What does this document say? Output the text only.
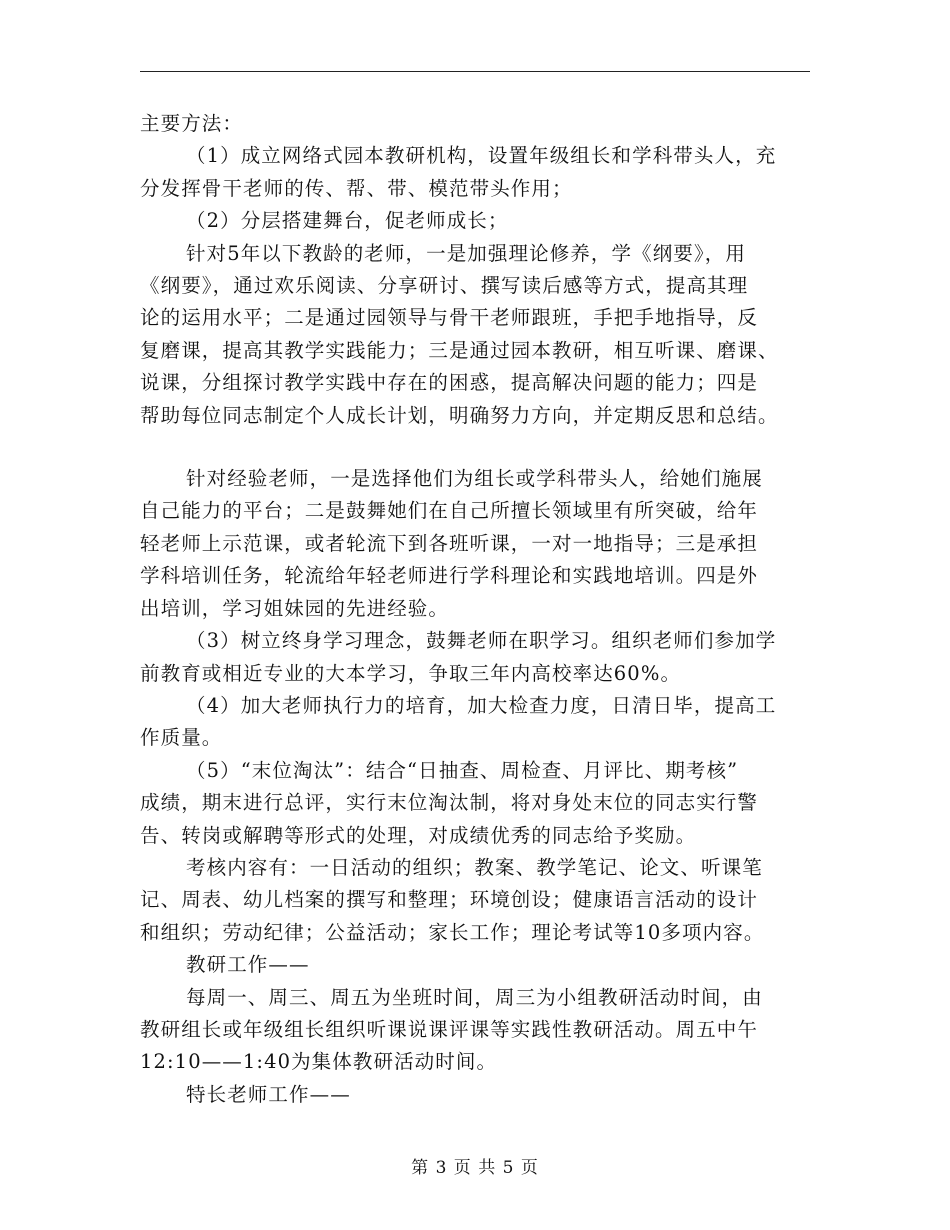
主要方法：

（1）成立网络式园本教研机构，设置年级组长和学科带头人，充

分发挥骨干老师的传、帮、带、模范带头作用；

（2）分层搭建舞台，促老师成长；

针对5年以下教龄的老师，一是加强理论修养，学《纲要》，用

《纲要》，通过欢乐阅读、分享研讨、撰写读后感等方式，提高其理

论的运用水平；二是通过园领导与骨干老师跟班，手把手地指导，反

复磨课，提高其教学实践能力；三是通过园本教研，相互听课、磨课、

说课，分组探讨教学实践中存在的困惑，提高解决问题的能力；四是

帮助每位同志制定个人成长计划，明确努力方向，并定期反思和总结。

针对经验老师，一是选择他们为组长或学科带头人，给她们施展

自己能力的平台；二是鼓舞她们在自己所擅长领域里有所突破，给年

轻老师上示范课，或者轮流下到各班听课，一对一地指导；三是承担

学科培训任务，轮流给年轻老师进行学科理论和实践地培训。四是外

出培训，学习姐妹园的先进经验。

（3）树立终身学习理念，鼓舞老师在职学习。组织老师们参加学

前教育或相近专业的大本学习，争取三年内高校率达60%。

（4）加大老师执行力的培育，加大检查力度，日清日毕，提高工

作质量。

（5）“末位淘汰”：结合“日抽查、周检查、月评比、期考核”

成绩，期末进行总评，实行末位淘汰制，将对身处末位的同志实行警

告、转岗或解聘等形式的处理，对成绩优秀的同志给予奖励。

考核内容有：一日活动的组织；教案、教学笔记、论文、听课笔

记、周表、幼儿档案的撰写和整理；环境创设；健康语言活动的设计

和组织；劳动纪律；公益活动；家长工作；理论考试等10多项内容。

教研工作——

每周一、周三、周五为坐班时间，周三为小组教研活动时间，由

教研组长或年级组长组织听课说课评课等实践性教研活动。周五中午

12:10——1:40为集体教研活动时间。

特长老师工作——

第 3 页 共 5 页
